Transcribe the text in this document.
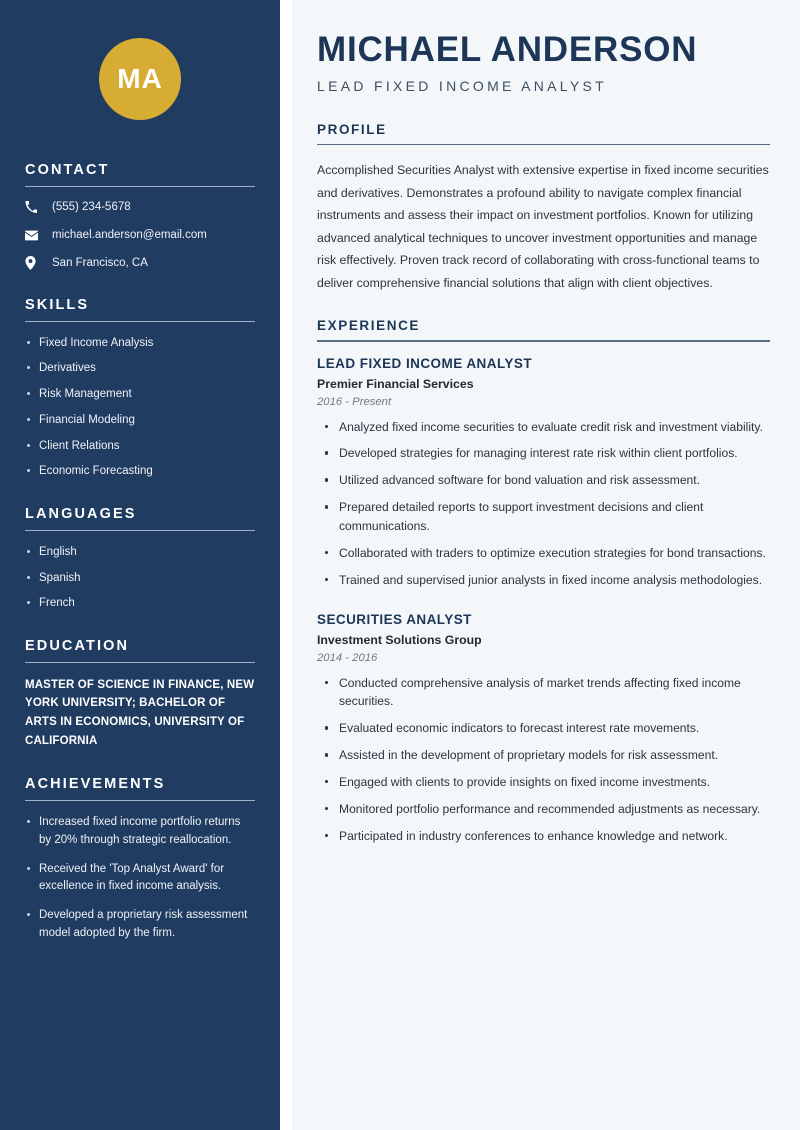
MA
CONTACT
(555) 234-5678
michael.anderson@email.com
San Francisco, CA
SKILLS
Fixed Income Analysis
Derivatives
Risk Management
Financial Modeling
Client Relations
Economic Forecasting
LANGUAGES
English
Spanish
French
EDUCATION

MASTER OF SCIENCE IN FINANCE, NEW YORK UNIVERSITY; BACHELOR OF ARTS IN ECONOMICS, UNIVERSITY OF CALIFORNIA

ACHIEVEMENTS
Increased fixed income portfolio returns by 20% through strategic reallocation.
Received the 'Top Analyst Award' for excellence in fixed income analysis.
Developed a proprietary risk assessment model adopted by the firm.
MICHAEL ANDERSON
LEAD FIXED INCOME ANALYST
PROFILE

Accomplished Securities Analyst with extensive expertise in fixed income securities and derivatives. Demonstrates a profound ability to navigate complex financial instruments and assess their impact on investment portfolios. Known for utilizing advanced analytical techniques to uncover investment opportunities and manage risk effectively. Proven track record of collaborating with cross-functional teams to deliver comprehensive financial solutions that align with client objectives.

EXPERIENCE
LEAD FIXED INCOME ANALYST
Premier Financial Services
2016 - Present
Analyzed fixed income securities to evaluate credit risk and investment viability.
Developed strategies for managing interest rate risk within client portfolios.
Utilized advanced software for bond valuation and risk assessment.
Prepared detailed reports to support investment decisions and client communications.
Collaborated with traders to optimize execution strategies for bond transactions.
Trained and supervised junior analysts in fixed income analysis methodologies.
SECURITIES ANALYST
Investment Solutions Group
2014 - 2016
Conducted comprehensive analysis of market trends affecting fixed income securities.
Evaluated economic indicators to forecast interest rate movements.
Assisted in the development of proprietary models for risk assessment.
Engaged with clients to provide insights on fixed income investments.
Monitored portfolio performance and recommended adjustments as necessary.
Participated in industry conferences to enhance knowledge and network.
